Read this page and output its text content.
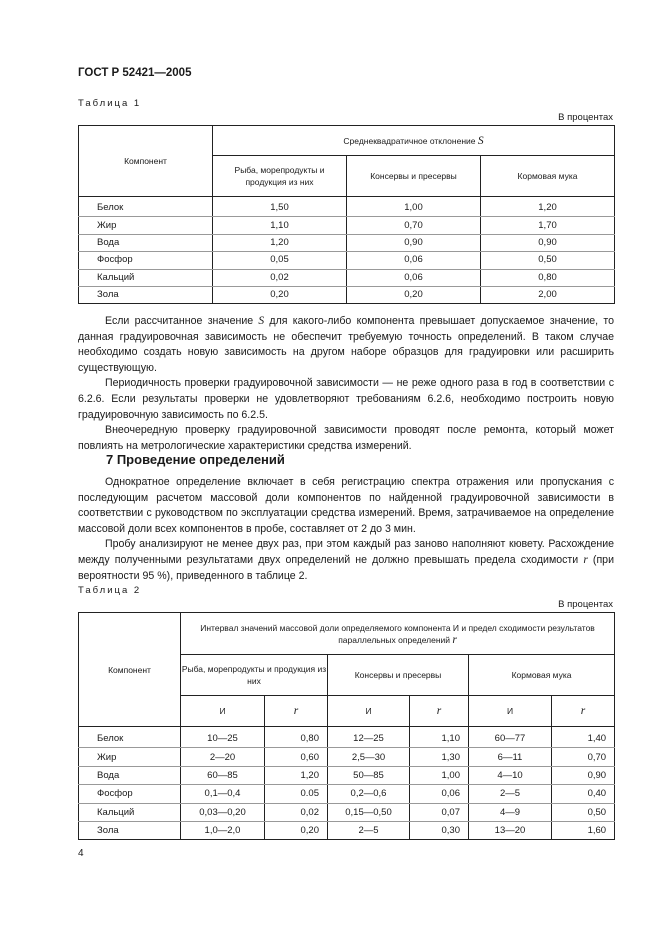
ГОСТ Р 52421—2005
Таблица 1
В процентах
Компонент	Среднеквадратичное отклонение S		
	Рыба, морепродукты и продукция из них	Консервы и пресервы	Кормовая мука

Белок	1,50	1,00	1,20
Жир	1,10	0,70	1,70
Вода	1,20	0,90	0,90
Фосфор	0,05	0,06	0,50
Кальций	0,02	0,06	0,80
Зола	0,20	0,20	2,00

Если рассчитанное значение S для какого-либо компонента превышает допускаемое значение, то данная градуировочная зависимость не обеспечит требуемую точность определений. В таком случае необходимо создать новую зависимость на другом наборе образцов для градуировки или расширить существующую.

Периодичность проверки градуировочной зависимости — не реже одного раза в год в соответствии с 6.2.6. Если результаты проверки не удовлетворяют требованиям 6.2.6, необходимо построить новую градуировочную зависимость по 6.2.5.

Внеочередную проверку градуировочной зависимости проводят после ремонта, который может повлиять на метрологические характеристики средства измерений.

7 Проведение определений

Однократное определение включает в себя регистрацию спектра отражения или пропускания с последующим расчетом массовой доли компонентов по найденной градуировочной зависимости в соответствии с руководством по эксплуатации средства измерений. Время, затрачиваемое на определение массовой доли всех компонентов в пробе, составляет от 2 до 3 мин.

Пробу анализируют не менее двух раз, при этом каждый раз заново наполняют кювету. Расхождение между полученными результатами двух определений не должно превышать предела сходимости r (при вероятности 95 %), приведенного в таблице 2.

Таблица 2
В процентах
Компонент	Интервал значений массовой доли определяемого компонента И и предел сходимости результатов параллельных определений r					
	Рыба, морепродукты и продукция из них		Консервы и пресервы		Кормовая мука	
	И	r	И	r	И	r

Белок	10—25	0,80	12—25	1,10	60—77	1,40
Жир	2—20	0,60	2,5—30	1,30	6—11	0,70
Вода	60—85	1,20	50—85	1,00	4—10	0,90
Фосфор	0,1—0,4	0.05	0,2—0,6	0,06	2—5	0,40
Кальций	0,03—0,20	0,02	0,15—0,50	0,07	4—9	0,50
Зола	1,0—2,0	0,20	2—5	0,30	13—20	1,60
4
